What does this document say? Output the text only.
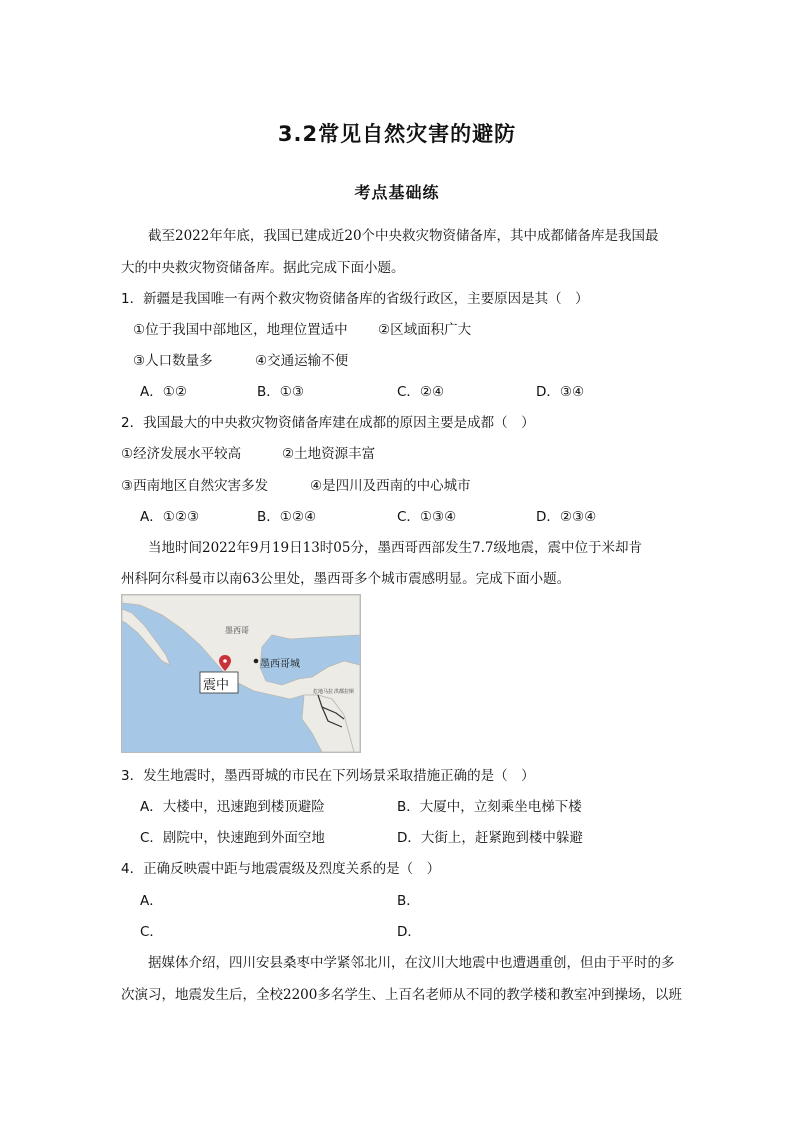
3.2常见自然灾害的避防
考点基础练
截至2022年年底，我国已建成近20个中央救灾物资储备库，其中成都储备库是我国最
大的中央救灾物资储备库。据此完成下面小题。
1．新疆是我国唯一有两个救灾物资储备库的省级行政区，主要原因是其（　）
①位于我国中部地区，地理位置适中 ②区域面积广大
③人口数量多	④交通运输不便
A．①②	B．①③	C．②④	D．③④
2．我国最大的中央救灾物资储备库建在成都的原因主要是成都（　）
①经济发展水平较高	②土地资源丰富
③西南地区自然灾害多发	④是四川及西南的中心城市
A．①②③	B．①②④	C．①③④	D．②③④
当地时间2022年9月19日13时05分，墨西哥西部发生7.7级地震，震中位于米却肯
州科阿尔科曼市以南63公里处，墨西哥多个城市震感明显。完成下面小题。
墨西哥
墨西哥城
震中	危地马拉 洪都拉斯
3．发生地震时，墨西哥城的市民在下列场景采取措施正确的是（　）
A．大楼中，迅速跑到楼顶避险	B．大厦中，立刻乘坐电梯下楼
C．剧院中，快速跑到外面空地	D．大街上，赶紧跑到楼中躲避
4．正确反映震中距与地震震级及烈度关系的是（　）
A．	B．
C．	D．
据媒体介绍，四川安县桑枣中学紧邻北川，在汶川大地震中也遭遇重创，但由于平时的多
次演习，地震发生后，全校2200多名学生、上百名老师从不同的教学楼和教室冲到操场，以班
